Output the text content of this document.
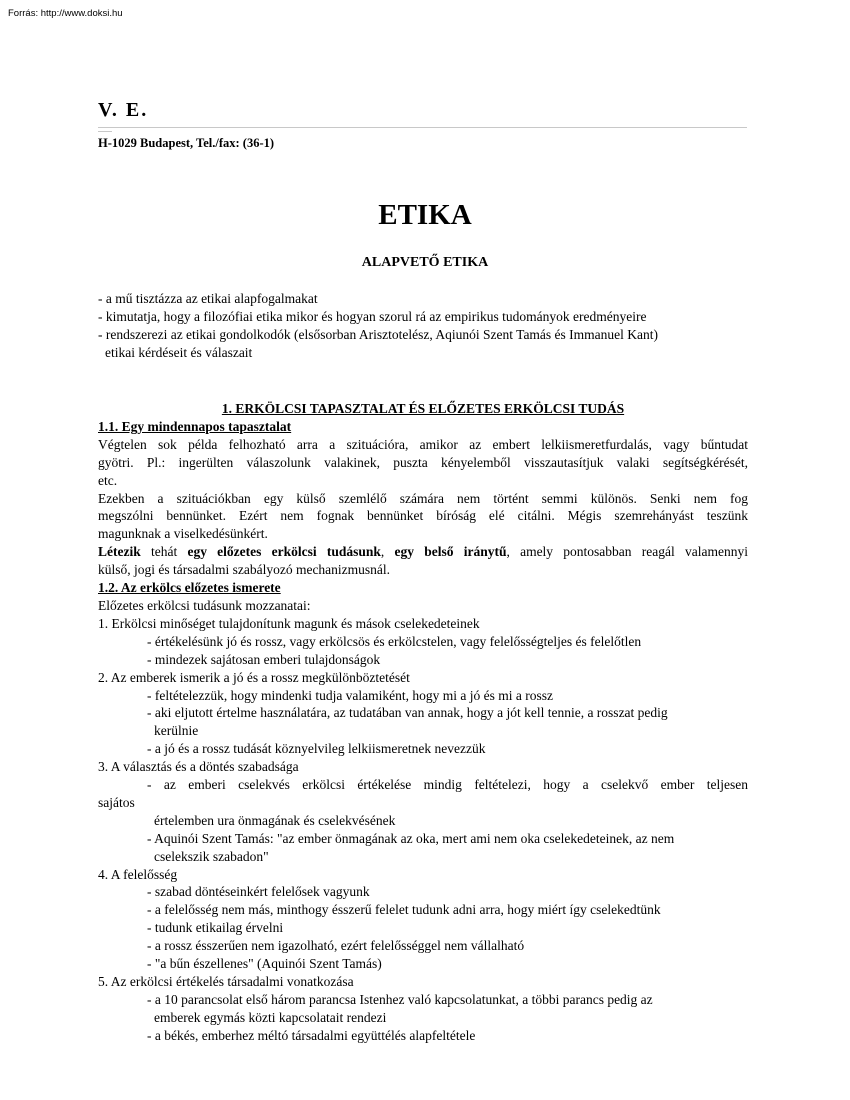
Forrás: http://www.doksi.hu
V. E.
H-1029 Budapest, Tel./fax: (36-1)
ETIKA
ALAPVETŐ ETIKA
- a mű tisztázza az etikai alapfogalmakat
- kimutatja, hogy a filozófiai etika mikor és hogyan szorul rá az empirikus tudományok eredményeire
- rendszerezi az etikai gondolkodók (elsősorban Arisztotelész, Aqiunói Szent Tamás és Immanuel Kant)
etikai kérdéseit és válaszait
1. ERKÖLCSI TAPASZTALAT ÉS ELŐZETES ERKÖLCSI TUDÁS
1.1. Egy mindennapos tapasztalat
Végtelen sok példa felhozható arra a szituációra, amikor az embert lelkiismeretfurdalás, vagy bűntudat
gyötri. Pl.: ingerülten válaszolunk valakinek, puszta kényelemből visszautasítjuk valaki segítségkérését,
etc.
Ezekben a szituációkban egy külső szemlélő számára nem történt semmi különös. Senki nem fog
megszólni bennünket. Ezért nem fognak bennünket bíróság elé citálni. Mégis szemrehányást teszünk
magunknak a viselkedésünkért.
Létezik tehát egy előzetes erkölcsi tudásunk, egy belső iránytű, amely pontosabban reagál valamennyi
külső, jogi és társadalmi szabályozó mechanizmusnál.
1.2. Az erkölcs előzetes ismerete
Előzetes erkölcsi tudásunk mozzanatai:
1. Erkölcsi minőséget tulajdonítunk magunk és mások cselekedeteinek
- értékelésünk jó és rossz, vagy erkölcsös és erkölcstelen, vagy felelősségteljes és felelőtlen
- mindezek sajátosan emberi tulajdonságok
2. Az emberek ismerik a jó és a rossz megkülönböztetését
- feltételezzük, hogy mindenki tudja valamiként, hogy mi a jó és mi a rossz
- aki eljutott értelme használatára, az tudatában van annak, hogy a jót kell tennie, a rosszat pedig
kerülnie
- a jó és a rossz tudását köznyelvileg lelkiismeretnek nevezzük
3. A választás és a döntés szabadsága
- az emberi cselekvés erkölcsi értékelése mindig feltételezi, hogy a cselekvő ember teljesen
sajátos
értelemben ura önmagának és cselekvésének
- Aquinói Szent Tamás: "az ember önmagának az oka, mert ami nem oka cselekedeteinek, az nem
cselekszik szabadon"
4. A felelősség
- szabad döntéseinkért felelősek vagyunk
- a felelősség nem más, minthogy ésszerű felelet tudunk adni arra, hogy miért így cselekedtünk
- tudunk etikailag érvelni
- a rossz ésszerűen nem igazolható, ezért felelősséggel nem vállalható
- "a bűn észellenes" (Aquinói Szent Tamás)
5. Az erkölcsi értékelés társadalmi vonatkozása
- a 10 parancsolat első három parancsa Istenhez való kapcsolatunkat, a többi parancs pedig az
emberek egymás közti kapcsolatait rendezi
- a békés, emberhez méltó társadalmi együttélés alapfeltétele
